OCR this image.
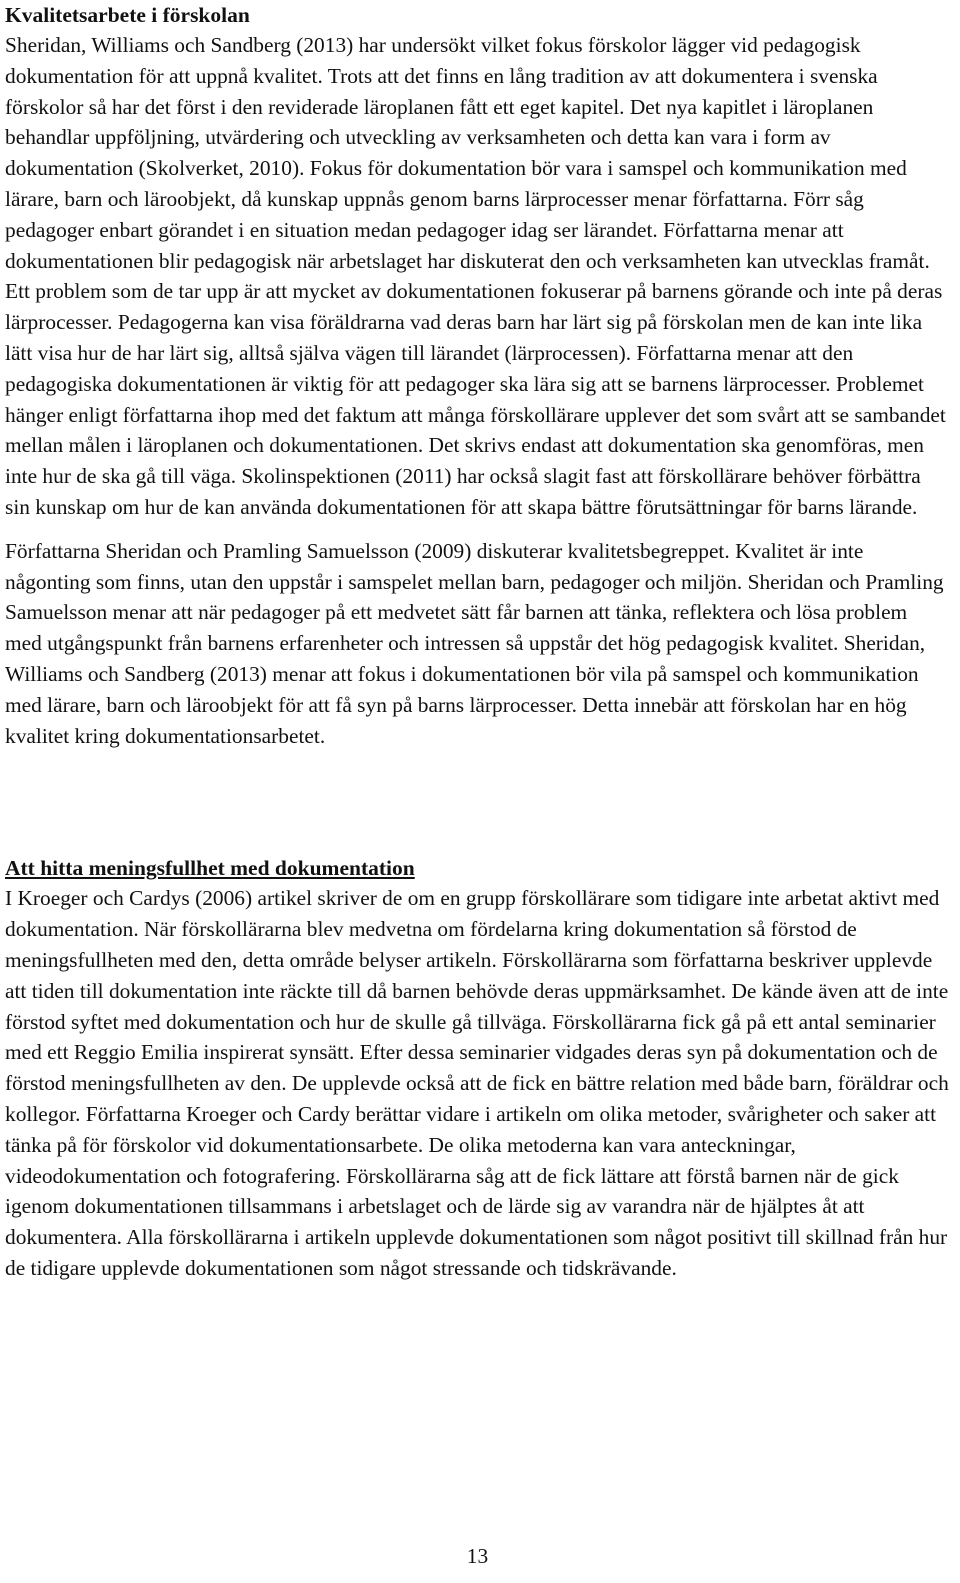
Kvalitetsarbete i förskolan

Sheridan, Williams och Sandberg (2013) har undersökt vilket fokus förskolor lägger vid pedagogisk dokumentation för att uppnå kvalitet. Trots att det finns en lång tradition av att dokumentera i svenska förskolor så har det först i den reviderade läroplanen fått ett eget kapitel. Det nya kapitlet i läroplanen behandlar uppföljning, utvärdering och utveckling av verksamheten och detta kan vara i form av dokumentation (Skolverket, 2010). Fokus för dokumentation bör vara i samspel och kommunikation med lärare, barn och läroobjekt, då kunskap uppnås genom barns lärprocesser menar författarna. Förr såg pedagoger enbart görandet i en situation medan pedagoger idag ser lärandet. Författarna menar att dokumentationen blir pedagogisk när arbetslaget har diskuterat den och verksamheten kan utvecklas framåt. Ett problem som de tar upp är att mycket av dokumentationen fokuserar på barnens görande och inte på deras lärprocesser. Pedagogerna kan visa föräldrarna vad deras barn har lärt sig på förskolan men de kan inte lika lätt visa hur de har lärt sig, alltså själva vägen till lärandet (lärprocessen). Författarna menar att den pedagogiska dokumentationen är viktig för att pedagoger ska lära sig att se barnens lärprocesser. Problemet hänger enligt författarna ihop med det faktum att många förskollärare upplever det som svårt att se sambandet mellan målen i läroplanen och dokumentationen. Det skrivs endast att dokumentation ska genomföras, men inte hur de ska gå till väga. Skolinspektionen (2011) har också slagit fast att förskollärare behöver förbättra sin kunskap om hur de kan använda dokumentationen för att skapa bättre förutsättningar för barns lärande.

Författarna Sheridan och Pramling Samuelsson (2009) diskuterar kvalitetsbegreppet. Kvalitet är inte någonting som finns, utan den uppstår i samspelet mellan barn, pedagoger och miljön. Sheridan och Pramling Samuelsson menar att när pedagoger på ett medvetet sätt får barnen att tänka, reflektera och lösa problem med utgångspunkt från barnens erfarenheter och intressen så uppstår det hög pedagogisk kvalitet. Sheridan, Williams och Sandberg (2013) menar att fokus i dokumentationen bör vila på samspel och kommunikation med lärare, barn och läroobjekt för att få syn på barns lärprocesser. Detta innebär att förskolan har en hög kvalitet kring dokumentationsarbetet.

Att hitta meningsfullhet med dokumentation

I Kroeger och Cardys (2006) artikel skriver de om en grupp förskollärare som tidigare inte arbetat aktivt med dokumentation. När förskollärarna blev medvetna om fördelarna kring dokumentation så förstod de meningsfullheten med den, detta område belyser artikeln. Förskollärarna som författarna beskriver upplevde att tiden till dokumentation inte räckte till då barnen behövde deras uppmärksamhet. De kände även att de inte förstod syftet med dokumentation och hur de skulle gå tillväga. Förskollärarna fick gå på ett antal seminarier med ett Reggio Emilia inspirerat synsätt. Efter dessa seminarier vidgades deras syn på dokumentation och de förstod meningsfullheten av den. De upplevde också att de fick en bättre relation med både barn, föräldrar och kollegor. Författarna Kroeger och Cardy berättar vidare i artikeln om olika metoder, svårigheter och saker att tänka på för förskolor vid dokumentationsarbete. De olika metoderna kan vara anteckningar, videodokumentation och fotografering. Förskollärarna såg att de fick lättare att förstå barnen när de gick igenom dokumentationen tillsammans i arbetslaget och de lärde sig av varandra när de hjälptes åt att dokumentera. Alla förskollärarna i artikeln upplevde dokumentationen som något positivt till skillnad från hur de tidigare upplevde dokumentationen som något stressande och tidskrävande.

13
